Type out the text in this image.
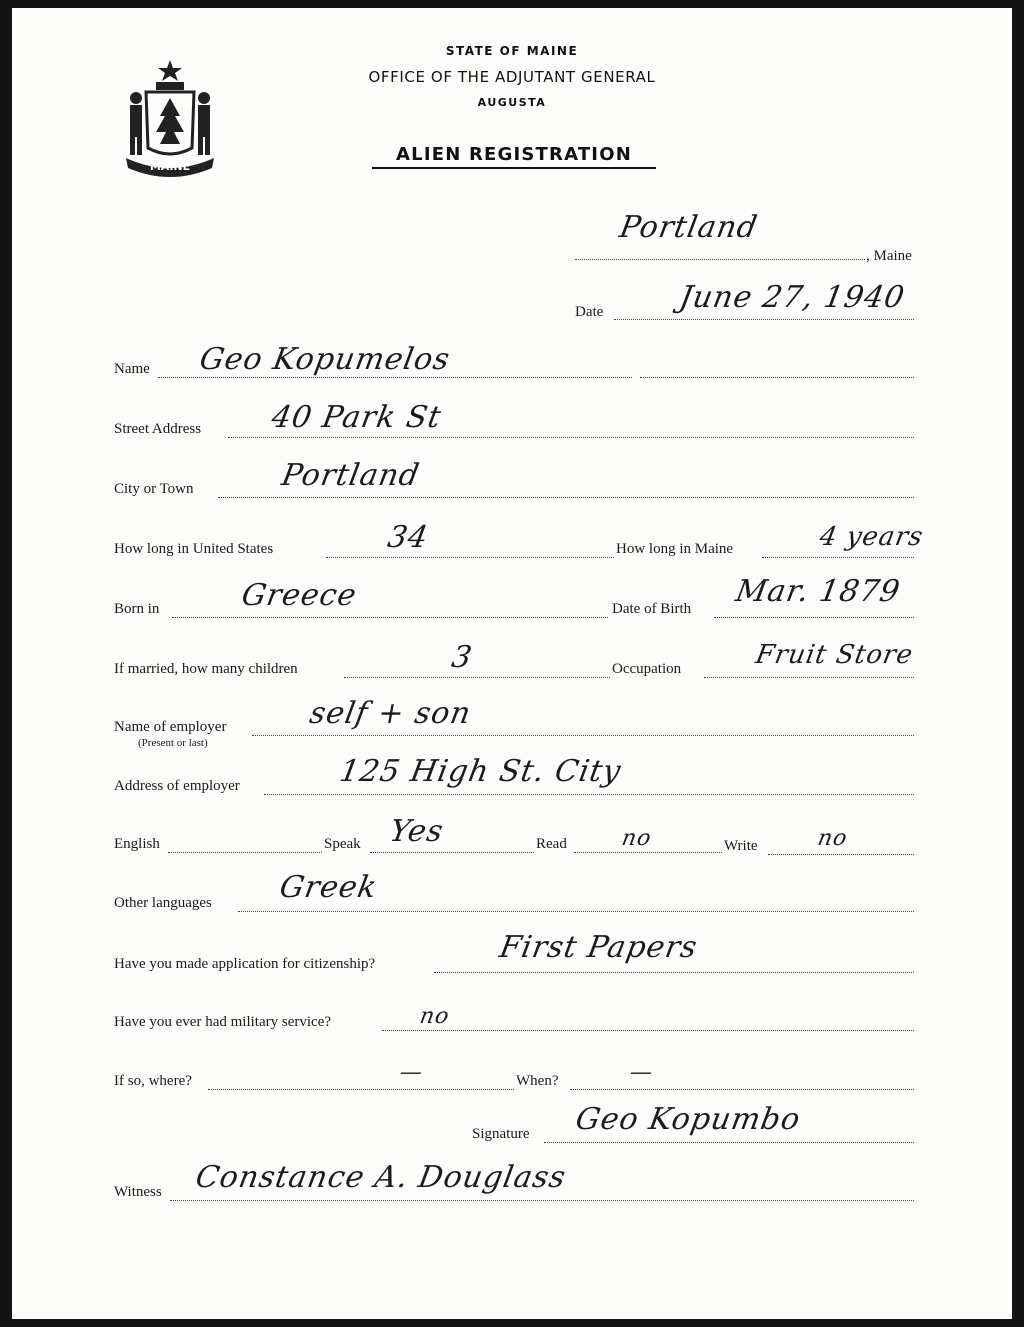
MAINE
STATE OF MAINE
OFFICE OF THE ADJUTANT GENERAL
AUGUSTA
ALIEN REGISTRATION
Portland
, Maine
Date June 27, 1940
Name Geo Kopumelos
Street Address 40 Park St
City or Town	Portland
How long in United States	34	How long in Maine	4 years
Born in	Greece	Date of Birth Mar. 1879
If married, how many children	3	Occupation	Fruit Store
Name of employer
(Present or last)
self + son
Address of employer	125 High St. City
English	Speak Yes	Read no	Write	no
Other languages Greek
Have you made application for citizenship?	First Papers
Have you ever had military service?	no
If so, where?	—	When?	—
Signature Geo Kopumbo
Witness Constance A. Douglass
